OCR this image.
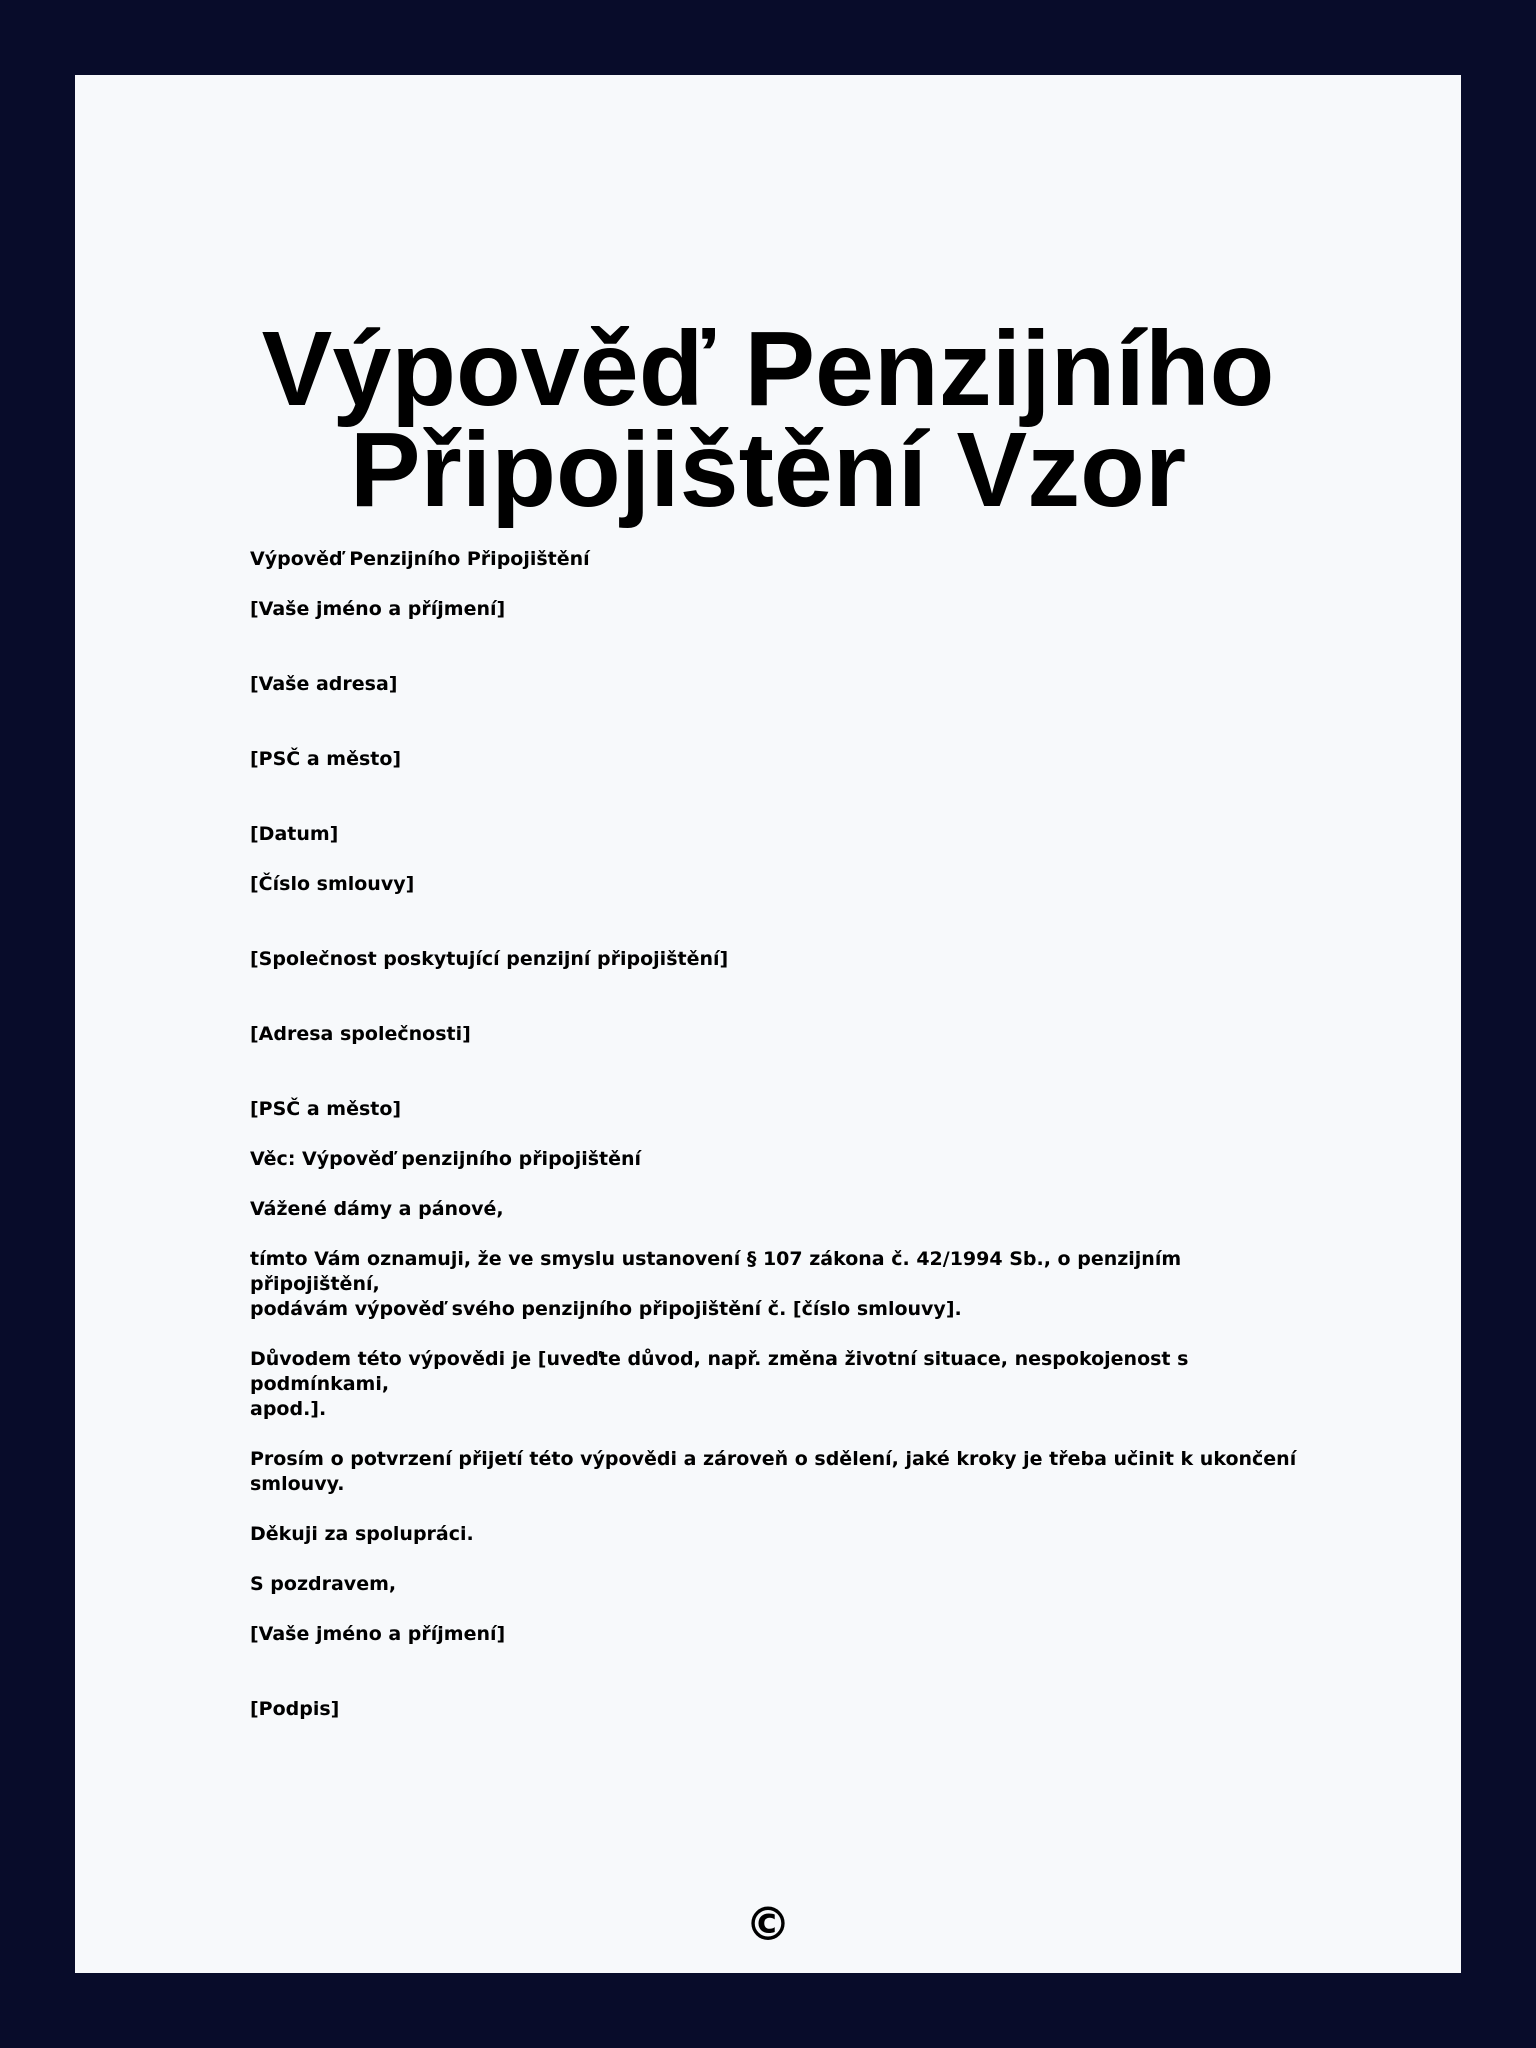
Výpověď Penzijního
Připojištění Vzor

Výpověď Penzijního Připojištění

[Vaše jméno a příjmení]

[Vaše adresa]

[PSČ a město]

[Datum]

[Číslo smlouvy]

[Společnost poskytující penzijní připojištění]

[Adresa společnosti]

[PSČ a město]

Věc: Výpověď penzijního připojištění

Vážené dámy a pánové,

tímto Vám oznamuji, že ve smyslu ustanovení § 107 zákona č. 42/1994 Sb., o penzijním připojištění,
podávám výpověď svého penzijního připojištění č. [číslo smlouvy].

Důvodem této výpovědi je [uveďte důvod, např. změna životní situace, nespokojenost s podmínkami,
apod.].

Prosím o potvrzení přijetí této výpovědi a zároveň o sdělení, jaké kroky je třeba učinit k ukončení smlouvy.

Děkuji za spolupráci.

S pozdravem,

[Vaše jméno a příjmení]

[Podpis]

©
